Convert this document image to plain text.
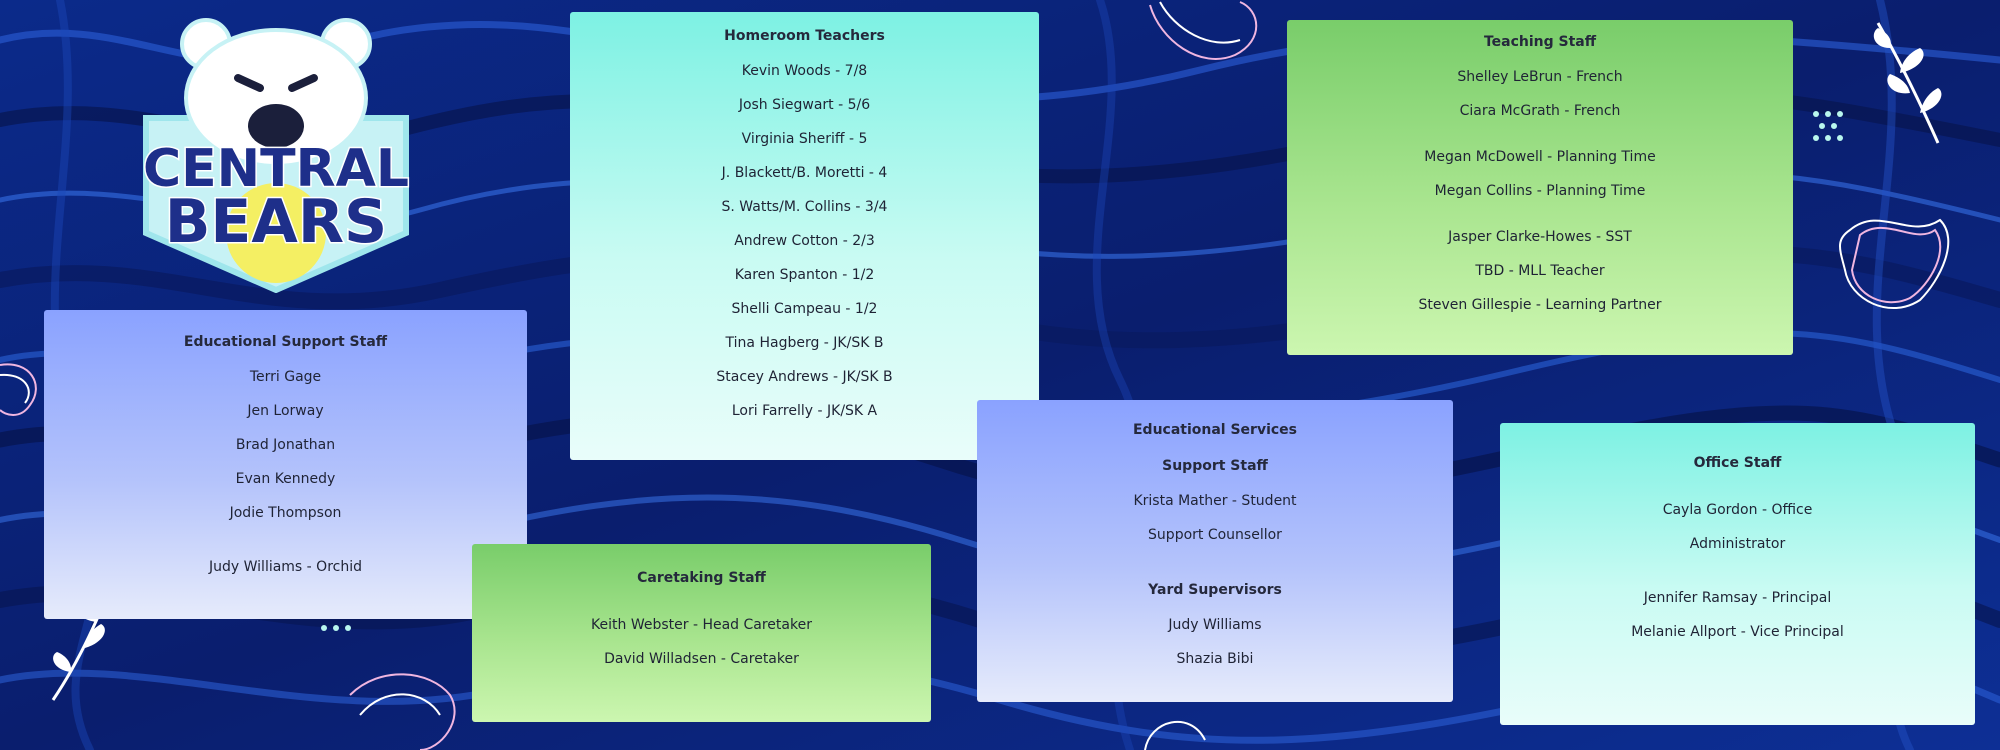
CENTRAL
BEARS
Homeroom Teachers
Kevin Woods - 7/8
Josh Siegwart - 5/6
Virginia Sheriff - 5
J. Blackett/B. Moretti - 4
S. Watts/M. Collins - 3/4
Andrew Cotton - 2/3
Karen Spanton - 1/2
Shelli Campeau - 1/2
Tina Hagberg - JK/SK B
Stacey Andrews - JK/SK B
Lori Farrelly - JK/SK A
Teaching Staff
Shelley LeBrun - French
Ciara McGrath - French
Megan McDowell - Planning Time
Megan Collins - Planning Time
Jasper Clarke-Howes - SST
TBD - MLL Teacher
Steven Gillespie - Learning Partner
Educational Support Staff
Terri Gage
Jen Lorway
Brad Jonathan
Evan Kennedy
Jodie Thompson
Judy Williams - Orchid
Caretaking Staff
Keith Webster - Head Caretaker
David Willadsen - Caretaker
Educational Services
Support Staff
Krista Mather - Student
Support Counsellor
Yard Supervisors
Judy Williams
Shazia Bibi
Office Staff
Cayla Gordon - Office
Administrator
Jennifer Ramsay - Principal
Melanie Allport - Vice Principal
